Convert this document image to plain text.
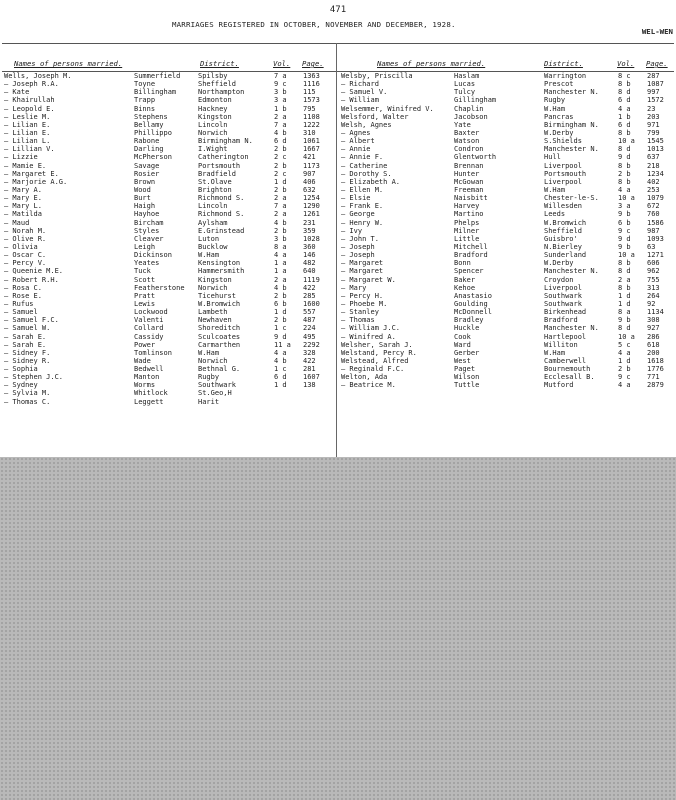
471
MARRIAGES REGISTERED IN OCTOBER, NOVEMBER AND DECEMBER, 1928.
WEL-WEN
Names of persons married.	District.	Vol. Page.	Names of persons married.	District.	Vol. Page.
Wells, Joseph M.	Summerfield	Spilsby	7 a 1363
— Joseph R.A.	Toyne	Sheffield	9 c 1116
— Kate	Billingham	Northampton	3 b 115
— Khairullah	Trapp	Edmonton	3 a 1573
— Leopold E.	Binns	Hackney	1 b 795
— Leslie M.	Stephens	Kingston	2 a 1108
— Lilian E.	Bellamy	Lincoln	7 a 1222
— Lilian E.	Phillippo	Norwich	4 b 310
— Lilian L.	Rabone	Birmingham N.	6 d 1061
— Lillian V.	Darling	I.Wight	2 b 1667
— Lizzie	McPherson	Catherington	2 c 421
— Mamie E.	Savage	Portsmouth	2 b 1173
— Margaret E.	Rosier	Bradfield	2 c 907
— Marjorie A.G.	Brown	St.Olave	1 d 406
— Mary A.	Wood	Brighton	2 b 632
— Mary E.	Burt	Richmond S.	2 a 1254
— Mary L.	Haigh	Lincoln	7 a 1290
— Matilda	Hayhoe	Richmond S.	2 a 1261
— Maud	Bircham	Aylsham	4 b 231
— Norah M.	Styles	E.Grinstead	2 b 359
— Olive R.	Cleaver	Luton	3 b 1028
— Olivia	Leigh	Bucklow	8 a 360
— Oscar C.	Dickinson	W.Ham	4 a 146
— Percy V.	Yeates	Kensington	1 a 482
— Queenie M.E.	Tuck	Hammersmith	1 a 640
— Robert R.H.	Scott	Kingston	2 a 1119
— Rosa C.	Featherstone Norwich	4 b 422
— Rose E.	Pratt	Ticehurst	2 b 285
— Rufus	Lewis	W.Bromwich	6 b 1600
— Samuel	Lockwood	Lambeth	1 d 557
— Samuel F.C.	Valenti	Newhaven	2 b 487
— Samuel W.	Collard	Shoreditch	1 c 224
— Sarah E.	Cassidy	Sculcoates	9 d 495
— Sarah E.	Power	Carmarthen	11 a 2292
— Sidney F.	Tomlinson	W.Ham	4 a 328
— Sidney R.	Wade	Norwich	4 b 422
— Sophia	Bedwell	Bethnal G.	1 c 281
— Stephen J.C.	Manton	Rugby	6 d 1607
— Sydney	Worms	Southwark	1 d 138
— Sylvia M.	Whitlock	St.Geo,H
— Thomas C.	Leggett	Harit
Welsby, Priscilla	Haslam	Warrington	8 c 287
— Richard	Lucas	Prescot	8 b 1087
— Samuel V.	Tulcy	Manchester N.	8 d 997
— William	Gillingham	Rugby	6 d 1572
Welsemmer, Winifred V.	Chaplin	W.Ham	4 a 23
Welsford, Walter	Jacobson	Pancras	1 b 203
Welsh, Agnes	Yate	Birmingham N.	6 d 971
— Agnes	Baxter	W.Derby	8 b 799
— Albert	Watson	S.Shields	10 a 1545
— Annie	Condron	Manchester N.	8 d 1013
— Annie F.	Glentworth	Hull	9 d 637
— Catherine	Brennan	Liverpool	8 b 218
— Dorothy S.	Hunter	Portsmouth	2 b 1234
— Elizabeth A.	McGowan	Liverpool	8 b 402
— Ellen M.	Freeman	W.Ham	4 a 253
— Elsie	Naisbitt	Chester-le-S.	10 a 1079
— Frank E.	Harvey	Willesden	3 a 672
— George	Martino	Leeds	9 b 760
— Henry W.	Phelps	W.Bromwich	6 b 1586
— Ivy	Milner	Sheffield	9 c 987
— John T.	Little	Guisbro'	9 d 1093
— Joseph	Mitchell	N.Bierley	9 b 63
— Joseph	Bradford	Sunderland	10 a 1271
— Margaret	Bonn	W.Derby	8 b 606
— Margaret	Spencer	Manchester N.	8 d 962
— Margaret W.	Baker	Croydon	2 a 755
— Mary	Kehoe	Liverpool	8 b 313
— Percy H.	Anastasio	Southwark	1 d 264
— Phoebe M.	Goulding	Southwark	1 d 92
— Stanley	McDonnell	Birkenhead	8 a 1134
— Thomas	Bradley	Bradford	9 b 308
— William J.C.	Huckle	Manchester N.	8 d 927
— Winifred A.	Cook	Hartlepool	10 a 286
Welsher, Sarah J.	Ward	Williton	5 c 618
Welstand, Percy R.	Gerber	W.Ham	4 a 200
Welstead, Alfred	West	Camberwell	1 d 1618
— Reginald F.C.	Paget	Bournemouth	2 b 1776
Welton, Ada	Wilson	Ecclesall B.	9 c 771
— Beatrice M.	Tuttle	Mutford	4 a 2879
